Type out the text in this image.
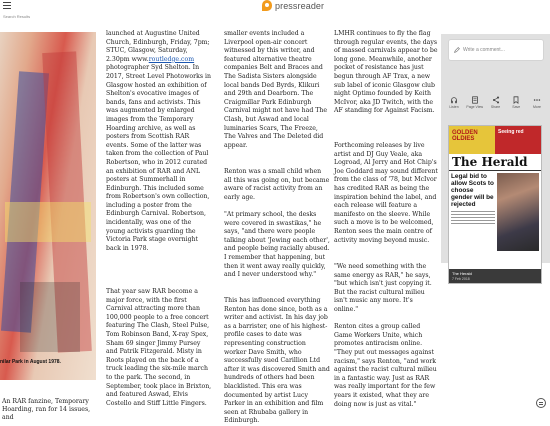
pressreader
Search Results
nilar Park in August 1978.
An RAR fanzine, Temporary Hoarding, ran for 14 issues, and

launched at Augustine United Church, Edinburgh, Friday, 7pm; STUC, Glasgow, Saturday, 2.30pm www.routledge.com photographer Syd Shelton. In 2017, Street Level Photoworks in Glasgow hosted an exhibition of Shelton's evocative images of bands, fans and activists. This was augmented by enlarged images from the Temporary Hoarding archive, as well as posters from Scottish RAR events. Some of the latter was taken from the collection of Paul Robertson, who in 2012 curated an exhibition of RAR and ANL posters at Summerhall in Edinburgh. This included some from Robertson's own collection, including a poster from the Edinburgh Carnival. Robertson, incidentally, was one of the young activists guarding the Victoria Park stage overnight back in 1978.

That year saw RAR become a major force, with the first Carnival attracting more than 100,000 people to a free concert featuring The Clash, Steel Pulse, Tom Robinson Band, X-ray Spex, Sham 69 singer Jimmy Pursey and Patrik Fitzgerald. Misty in Roots played on the back of a truck leading the six-mile march to the park. The second, in September, took place in Brixton, and featured Aswad, Elvis Costello and Stiff Little Fingers.

smaller events included a Liverpool open-air concert witnessed by this writer, and featured alternative theatre companies Belt and Braces and The Sadista Sisters alongside local bands Ded Byrds, Klikuri and 29th and Dearborn. The Craigmillar Park Edinburgh Carnival might not have had The Clash, but Aswad and local luminaries Scars, The Freeze, The Valves and The Deleted did appear.

Renton was a small child when all this was going on, but became aware of racist activity from an early age.

"At primary school, the desks were covered in swastikas," he says, "and there were people talking about 'Jewing each other', and people being racially abused. I remember that happening, but then it went away really quickly, and I never understood why."

This has influenced everything Renton has done since, both as a writer and activist. In his day job as a barrister, one of his highest-profile cases to date was representing construction worker Dave Smith, who successfully sued Carillion Ltd after it was discovered Smith and hundreds of others had been blacklisted. This era was documented by artist Lucy Parker in an exhibition and film seen at Rhubaba gallery in Edinburgh.

LMHR continues to fly the flag through regular events, the days of massed carnivals appear to be long gone. Meanwhile, another pocket of resistance has just begun through AF Trax, a new sub label of iconic Glasgow club night Optimo founded by Keith McIvor, aka JD Twitch, with the AF standing for Against Facism.

Forthcoming releases by live artist and DJ Guy Veale, aka Logroad, Al Jerry and Hot Chip's Joe Goddard may sound different from the class of '78, but McIvor has credited RAR as being the inspiration behind the label, and each release will feature a manifesto on the sleeve. While such a move is to be welcomed, Renton sees the main centre of activity moving beyond music.

"We need something with the same energy as RAR," he says, "but which isn't just copying it. But the racist cultural milieu isn't music any more. It's online."

Renton cites a group called Game Workers Unite, which promotes antiracism online. "They put out messages against racism," says Renton, "and work against the racist cultural milieu in a fantastic way. Just as RAR was really important for the few years it existed, what they are doing now is just as vital."

Write a comment...
Listen Page View Share	Save	More
GOLDEN OLDIES
Seeing red
The Herald
Legal bid to allow Scots to choose gender will be rejected
The Herald
7 Feb 2018
